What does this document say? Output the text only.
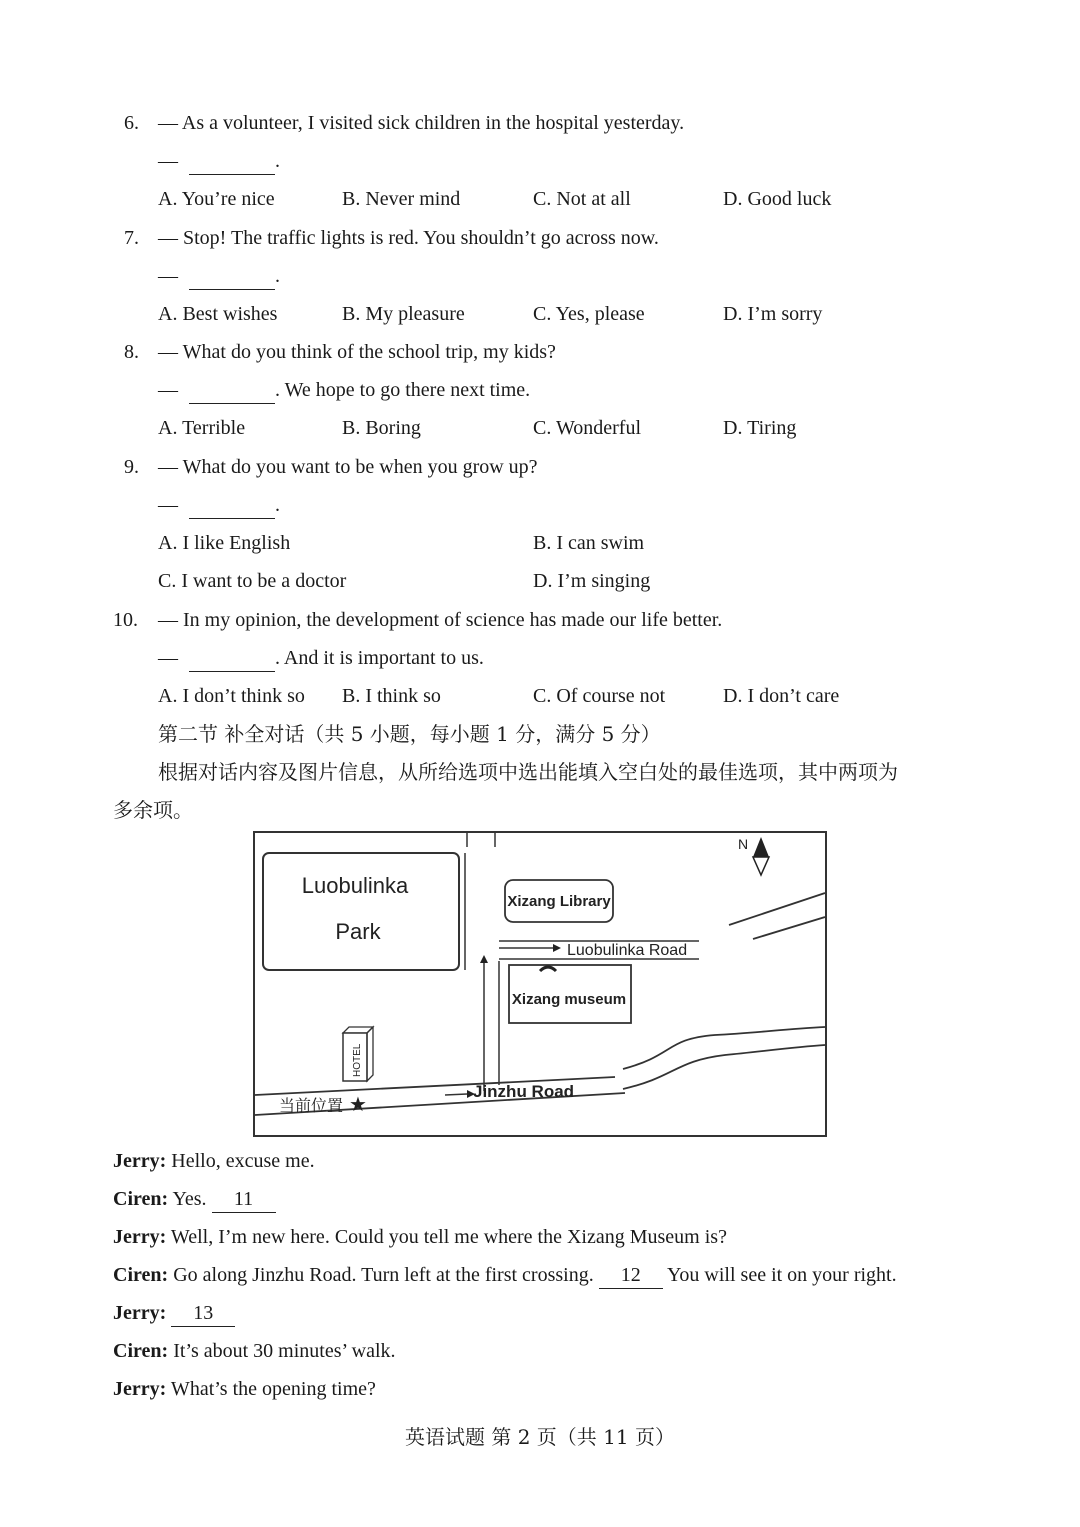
6. — As a volunteer, I visited sick children in the hospital yesterday.
—	.
A. You’re nice	B. Never mind	C. Not at all	D. Good luck
7. — Stop! The traffic lights is red. You shouldn’t go across now.
—	.
A. Best wishes	B. My pleasure	C. Yes, please	D. I’m sorry
8. — What do you think of the school trip, my kids?
—	. We hope to go there next time.
A. Terrible	B. Boring	C. Wonderful	D. Tiring
9. — What do you want to be when you grow up?
—	.
A. I like English	B. I can swim
C. I want to be a doctor	D. I’m singing
10. — In my opinion, the development of science has made our life better.
—	. And it is important to us.
A. I don’t think so B. I think so	C. Of course not	D. I don’t care
第二节 补全对话（共 5 小题，每小题 1 分，满分 5 分）
根据对话内容及图片信息，从所给选项中选出能填入空白处的最佳选项，其中两项为
多余项。
Luobulinka
Park
Xizang Library
Luobulinka Road
Xizang museum
N
HOTEL
Jinzhu Road
当前位置 ★
Jerry: Hello, excuse me.
Ciren: Yes. 11
Jerry: Well, I’m new here. Could you tell me where the Xizang Museum is?
Ciren: Go along Jinzhu Road. Turn left at the first crossing. 12 You will see it on your right.
Jerry: 13
Ciren: It’s about 30 minutes’ walk.
Jerry: What’s the opening time?
英语试题 第 2 页（共 11 页）
